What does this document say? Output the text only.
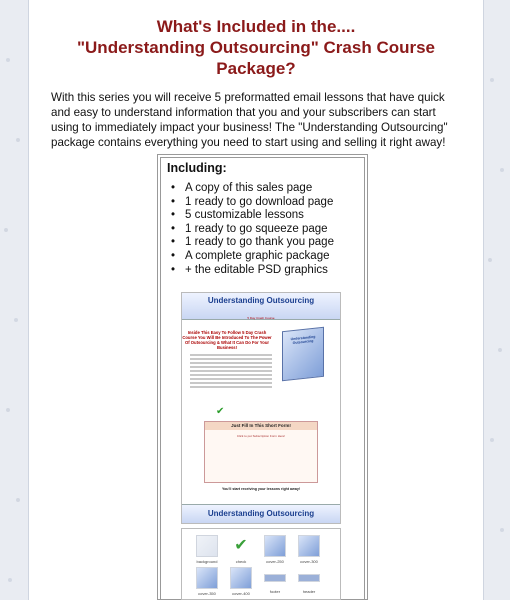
What's Included in the....
"Understanding Outsourcing" Crash Course
Package?
With this series you will receive 5 preformatted email lessons that have quick and easy to understand information that you and your subscribers can start using to immediately impact your business! The "Understanding Outsourcing" package contains everything you need to start using and selling it right away!
Including:
• A copy of this sales page
• 1 ready to go download page
• 5 customizable lessons
• 1 ready to go squeeze page
• 1 ready to go thank you page
• A complete graphic package
• + the editable PSD graphics
Understanding Outsourcing
5 Day Crash Course
Inside This Easy To Follow 5 Day Crash Course You Will Be Introduced To The Power Of Outsourcing & What It Can Do For Your Business!
Understanding Outsourcing
✔
Just Fill In This Short Form!
Click to put Subscription Form Here!
You'll start receiving your lessons right away!
Understanding Outsourcing
background
✔
check	cover-250	cover-300
cover-350	cover-400	footer	header
